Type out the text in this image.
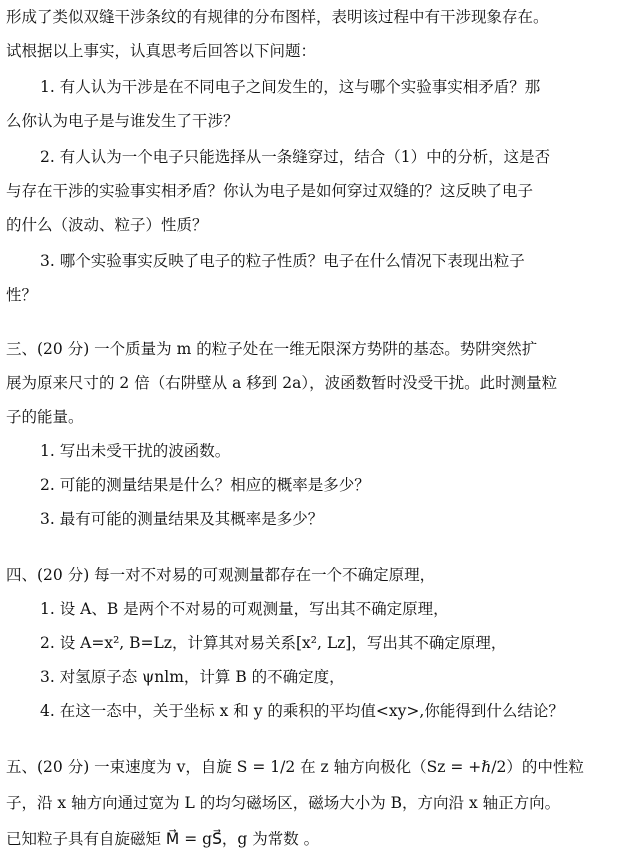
形成了类似双缝干涉条纹的有规律的分布图样，表明该过程中有干涉现象存在。
试根据以上事实，认真思考后回答以下问题：
1. 有人认为干涉是在不同电子之间发生的，这与哪个实验事实相矛盾？那
么你认为电子是与谁发生了干涉？
2. 有人认为一个电子只能选择从一条缝穿过，结合（1）中的分析，这是否
与存在干涉的实验事实相矛盾？你认为电子是如何穿过双缝的？这反映了电子
的什么（波动、粒子）性质？
3. 哪个实验事实反映了电子的粒子性质？电子在什么情况下表现出粒子
性？
三、(20 分) 一个质量为 m 的粒子处在一维无限深方势阱的基态。势阱突然扩
展为原来尺寸的 2 倍（右阱壁从 a 移到 2a），波函数暂时没受干扰。此时测量粒
子的能量。
1. 写出未受干扰的波函数。
2. 可能的测量结果是什么？相应的概率是多少？
3. 最有可能的测量结果及其概率是多少？
四、(20 分) 每一对不对易的可观测量都存在一个不确定原理，
1. 设 A、B 是两个不对易的可观测量，写出其不确定原理，
2. 设 A=x², B=Lz，计算其对易关系[x², Lz]，写出其不确定原理，
3. 对氢原子态 ψnlm，计算 B 的不确定度，
4. 在这一态中，关于坐标 x 和 y 的乘积的平均值<xy>,你能得到什么结论？
五、(20 分) 一束速度为 v，自旋 S = 1/2 在 z 轴方向极化（Sz = +ℏ/2）的中性粒
子，沿 x 轴方向通过宽为 L 的均匀磁场区，磁场大小为 B，方向沿 x 轴正方向。
已知粒子具有自旋磁矩 M⃗ = gS⃗，g 为常数 。
